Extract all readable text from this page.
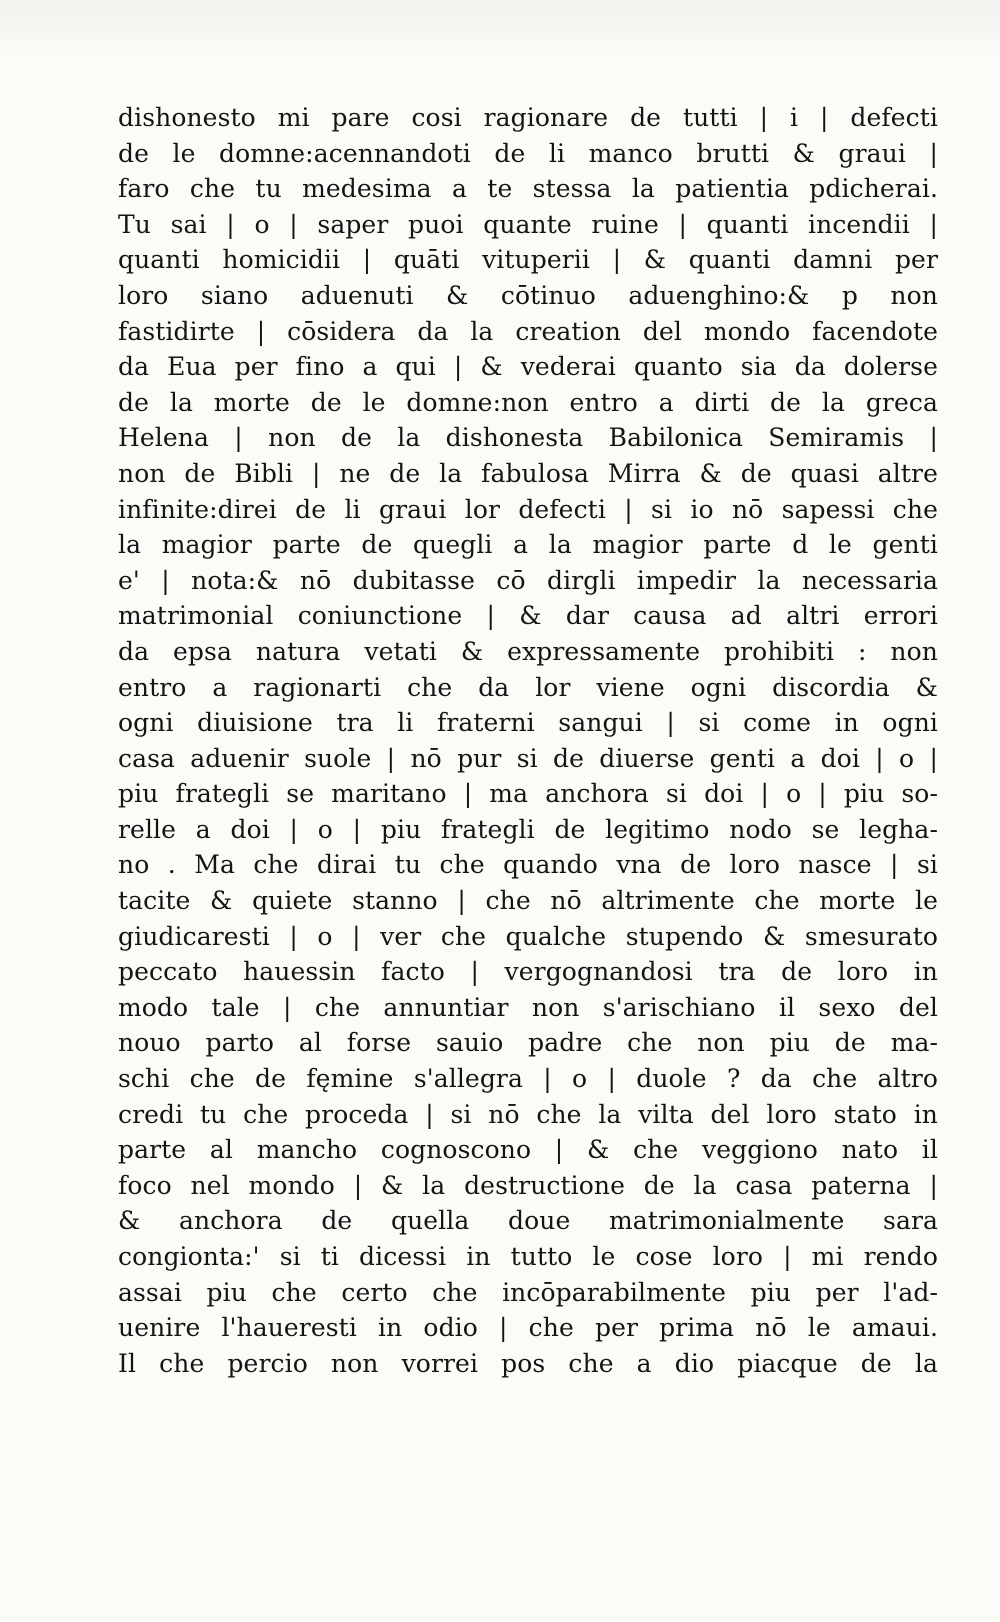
dishonesto mi pare cosi ragionare de tutti | i | defecti
de le domne:acennandoti de li manco brutti & graui |
faro che tu medesima a te stessa la patientia pdicherai.
Tu sai | o | saper puoi quante ruine | quanti incendii |
quanti homicidii | quāti vituperii | & quanti damni per
loro siano aduenuti & cōtinuo aduenghino:& p non
fastidirte | cōsidera da la creation del mondo facendote
da Eua per fino a qui | & vederai quanto sia da dolerse
de la morte de le domne:non entro a dirti de la greca
Helena | non de la dishonesta Babilonica Semiramis |
non de Bibli | ne de la fabulosa Mirra & de quasi altre
infinite:direi de li graui lor defecti | si io nō sapessi che
la magior parte de quegli a la magior parte d le genti
e' | nota:& nō dubitasse cō dirgli impedir la necessaria
matrimonial coniunctione | & dar causa ad altri errori
da epsa natura vetati & expressamente prohibiti : non
entro a ragionarti che da lor viene ogni discordia &
ogni diuisione tra li fraterni sangui | si come in ogni
casa aduenir suole | nō pur si de diuerse genti a doi | o |
piu frategli se maritano | ma anchora si doi | o | piu so-
relle a doi | o | piu frategli de legitimo nodo se legha-
no . Ma che dirai tu che quando vna de loro nasce | si
tacite & quiete stanno | che nō altrimente che morte le
giudicaresti | o | ver che qualche stupendo & smesurato
peccato hauessin facto | vergognandosi tra de loro in
modo tale | che annuntiar non s'arischiano il sexo del
nouo parto al forse sauio padre che non piu de ma-
schi che de fęmine s'allegra | o | duole ? da che altro
credi tu che proceda | si nō che la vilta del loro stato in
parte al mancho cognoscono | & che veggiono nato il
foco nel mondo | & la destructione de la casa paterna |
& anchora de quella doue matrimonialmente sara
congionta:' si ti dicessi in tutto le cose loro | mi rendo
assai piu che certo che incōparabilmente piu per l'ad-
uenire l'haueresti in odio | che per prima nō le amaui.
Il che percio non vorrei pos che a dio piacque de la
